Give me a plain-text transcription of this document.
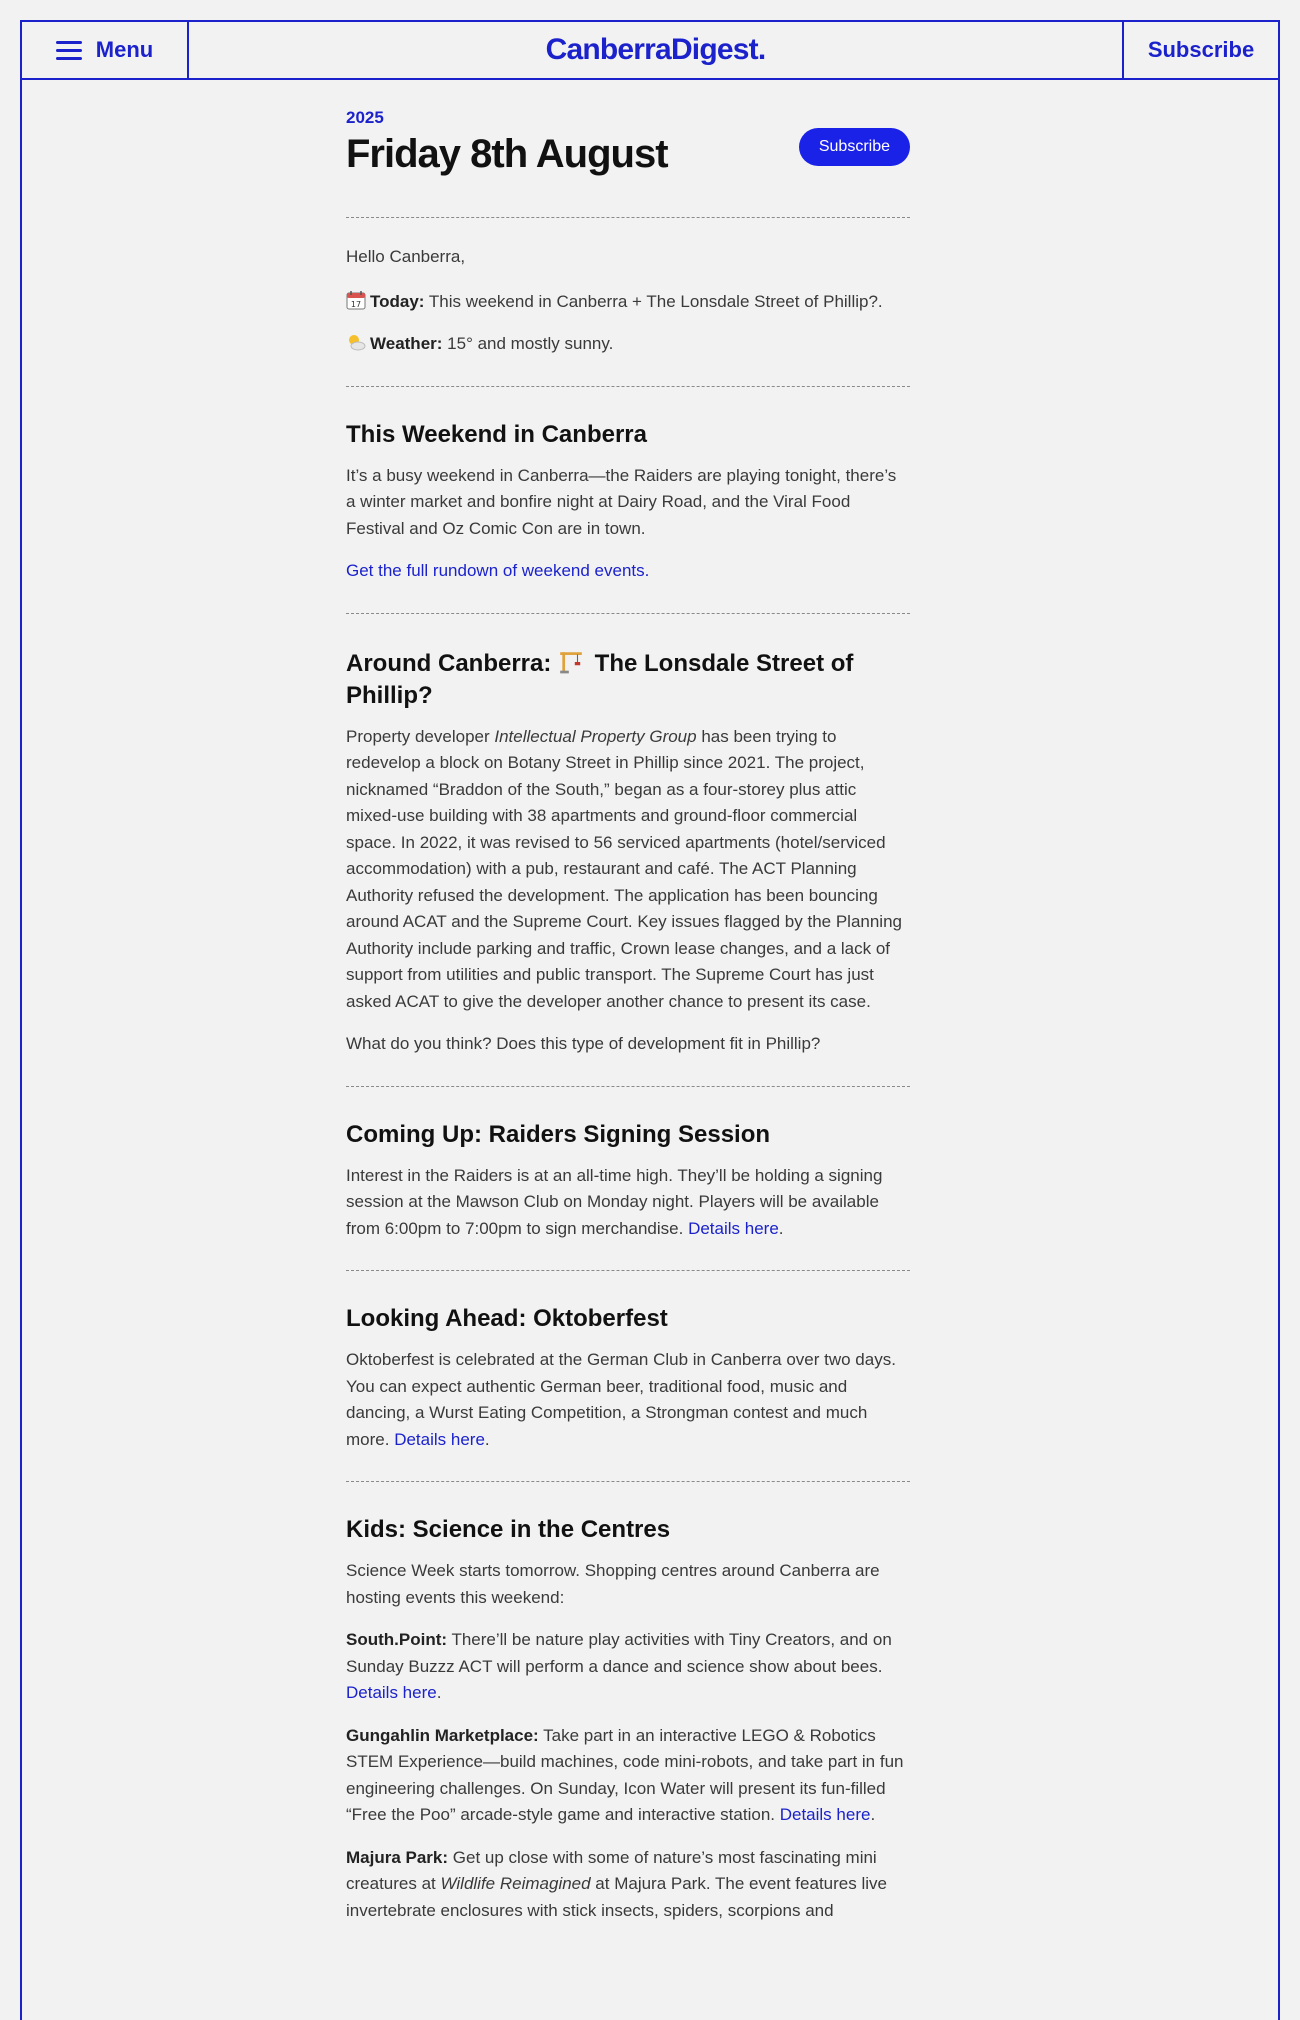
Menu	CanberraDigest.	Subscribe
2025
Friday 8th August	Subscribe

Hello Canberra,

17 Today: This weekend in Canberra + The Lonsdale Street of Phillip?.

Weather: 15° and mostly sunny.

This Weekend in Canberra

It’s a busy weekend in Canberra—the Raiders are playing tonight, there’s a winter market and bonfire night at Dairy Road, and the Viral Food Festival and Oz Comic Con are in town.

Get the full rundown of weekend events.

Around Canberra:  The Lonsdale Street of Phillip?

Property developer Intellectual Property Group has been trying to redevelop a block on Botany Street in Phillip since 2021. The project, nicknamed “Braddon of the South,” began as a four-storey plus attic mixed-use building with 38 apartments and ground-floor commercial space. In 2022, it was revised to 56 serviced apartments (hotel/serviced accommodation) with a pub, restaurant and café. The ACT Planning Authority refused the development. The application has been bouncing around ACAT and the Supreme Court. Key issues flagged by the Planning Authority include parking and traffic, Crown lease changes, and a lack of support from utilities and public transport. The Supreme Court has just asked ACAT to give the developer another chance to present its case.

What do you think? Does this type of development fit in Phillip?

Coming Up: Raiders Signing Session

Interest in the Raiders is at an all-time high. They’ll be holding a signing session at the Mawson Club on Monday night. Players will be available from 6:00pm to 7:00pm to sign merchandise. Details here.

Looking Ahead: Oktoberfest

Oktoberfest is celebrated at the German Club in Canberra over two days. You can expect authentic German beer, traditional food, music and dancing, a Wurst Eating Competition, a Strongman contest and much more. Details here.

Kids: Science in the Centres

Science Week starts tomorrow. Shopping centres around Canberra are hosting events this weekend:

South.Point: There’ll be nature play activities with Tiny Creators, and on Sunday Buzzz ACT will perform a dance and science show about bees. Details here.

Gungahlin Marketplace: Take part in an interactive LEGO & Robotics STEM Experience—build machines, code mini-robots, and take part in fun engineering challenges. On Sunday, Icon Water will present its fun-filled “Free the Poo” arcade-style game and interactive station. Details here.

Majura Park: Get up close with some of nature’s most fascinating mini creatures at Wildlife Reimagined at Majura Park. The event features live invertebrate enclosures with stick insects, spiders, scorpions and
